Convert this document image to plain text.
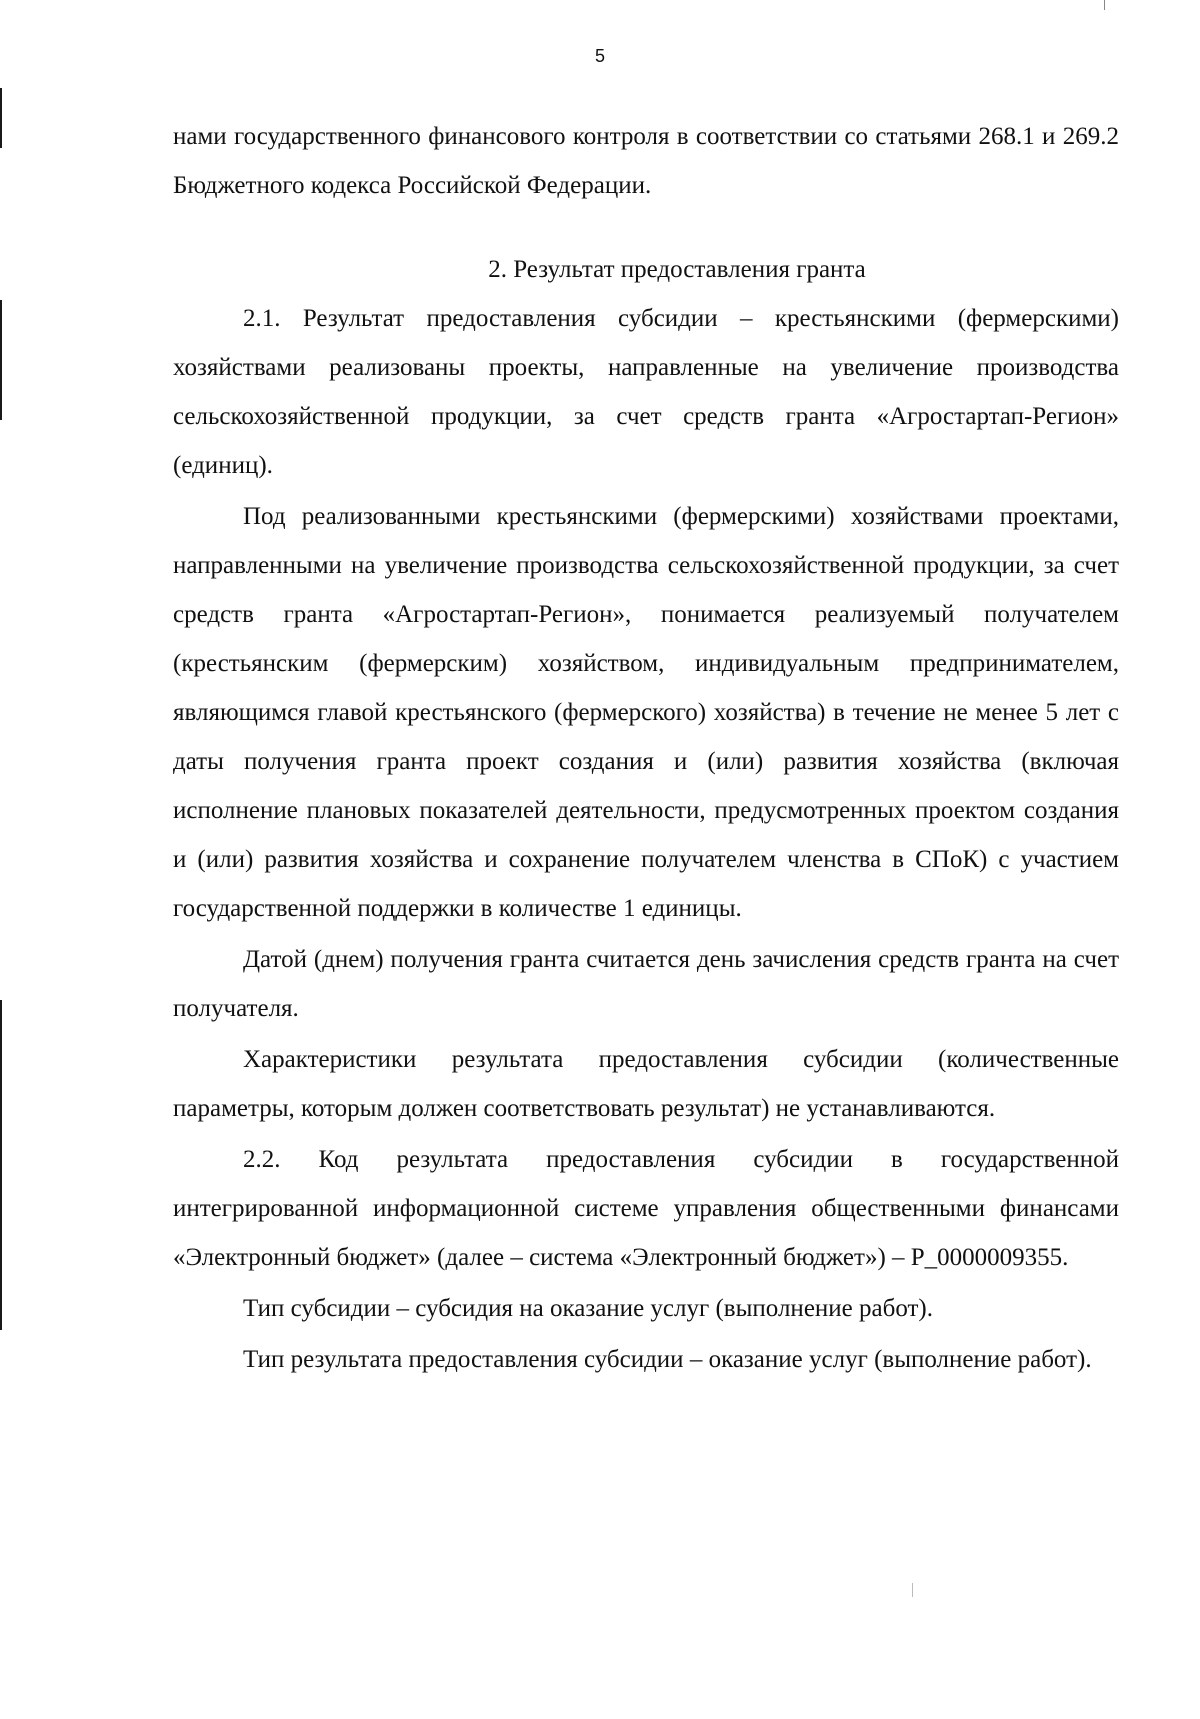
5

нами государственного финансового контроля в соответствии со статьями 268.1 и 269.2 Бюджетного кодекса Российской Федерации.

2. Результат предоставления гранта

2.1. Результат предоставления субсидии – крестьянскими (фермерскими) хозяйствами реализованы проекты, направленные на увеличение производства сельскохозяйственной продукции, за счет средств гранта «Агростартап-Регион» (единиц).

Под реализованными крестьянскими (фермерскими) хозяйствами проектами, направленными на увеличение производства сельскохозяйственной продукции, за счет средств гранта «Агростартап-Регион», понимается реализуемый получателем (крестьянским (фермерским) хозяйством, индивидуальным предпринимателем, являющимся главой крестьянского (фермерского) хозяйства) в течение не менее 5 лет с даты получения гранта проект создания и (или) развития хозяйства (включая исполнение плановых показателей деятельности, предусмотренных проектом создания и (или) развития хозяйства и сохранение получателем членства в СПоК) с участием государственной поддержки в количестве 1 единицы.

Датой (днем) получения гранта считается день зачисления средств гранта на счет получателя.

Характеристики результата предоставления субсидии (количественные параметры, которым должен соответствовать результат) не устанавливаются.

2.2. Код результата предоставления субсидии в государственной интегрированной информационной системе управления общественными финансами «Электронный бюджет» (далее – система «Электронный бюджет») – P_0000009355.

Тип субсидии – субсидия на оказание услуг (выполнение работ).

Тип результата предоставления субсидии – оказание услуг (выполнение работ).
